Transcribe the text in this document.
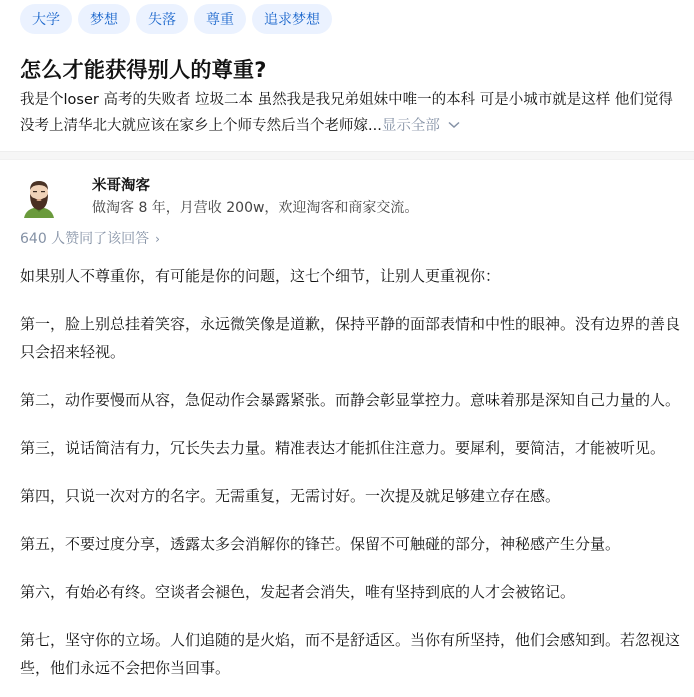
大学	梦想	失落	尊重	追求梦想
怎么才能获得别人的尊重?
我是个loser 高考的失败者 垃圾二本 虽然我是我兄弟姐妹中唯一的本科 可是小城市就是这样 他们觉得没考上清华北大就应该在家乡上个师专然后当个老师嫁...显示全部
米哥淘客
做淘客 8 年，月营收 200w，欢迎淘客和商家交流。
640 人赞同了该回答 ›

如果别人不尊重你，有可能是你的问题，这七个细节，让别人更重视你：

第一，脸上别总挂着笑容，永远微笑像是道歉，保持平静的面部表情和中性的眼神。没有边界的善良只会招来轻视。

第二，动作要慢而从容，急促动作会暴露紧张。而静会彰显掌控力。意味着那是深知自己力量的人。

第三，说话简洁有力，冗长失去力量。精准表达才能抓住注意力。要犀利，要简洁，才能被听见。

第四，只说一次对方的名字。无需重复，无需讨好。一次提及就足够建立存在感。

第五，不要过度分享，透露太多会消解你的锋芒。保留不可触碰的部分，神秘感产生分量。

第六，有始必有终。空谈者会褪色，发起者会消失，唯有坚持到底的人才会被铭记。

第七，坚守你的立场。人们追随的是火焰，而不是舒适区。当你有所坚持，他们会感知到。若忽视这些，他们永远不会把你当回事。
